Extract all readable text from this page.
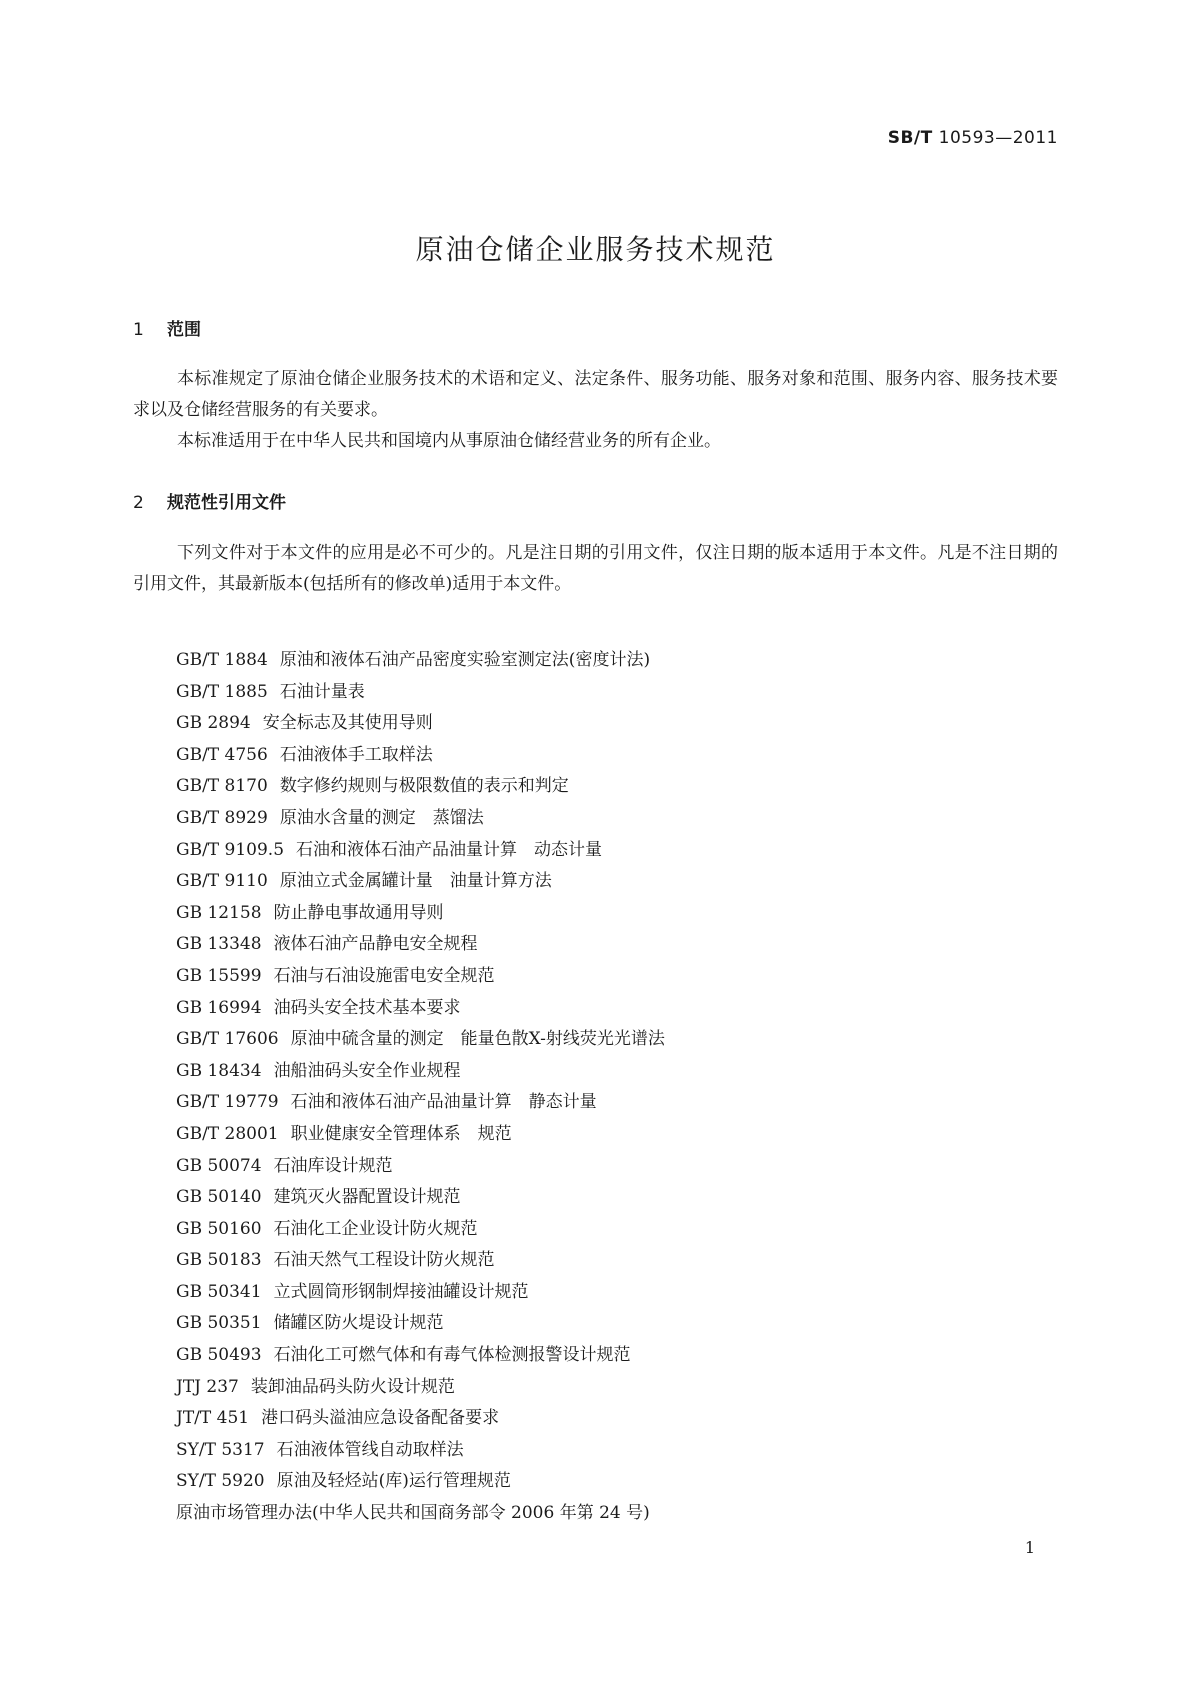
SB/T 10593—2011
原油仓储企业服务技术规范
1 范围

本标准规定了原油仓储企业服务技术的术语和定义、法定条件、服务功能、服务对象和范围、服务内容、服务技术要求以及仓储经营服务的有关要求。

本标准适用于在中华人民共和国境内从事原油仓储经营业务的所有企业。

2 规范性引用文件

下列文件对于本文件的应用是必不可少的。凡是注日期的引用文件，仅注日期的版本适用于本文件。凡是不注日期的引用文件，其最新版本(包括所有的修改单)适用于本文件。

GB/T 1884 原油和液体石油产品密度实验室测定法(密度计法)
GB/T 1885 石油计量表
GB 2894 安全标志及其使用导则
GB/T 4756 石油液体手工取样法
GB/T 8170 数字修约规则与极限数值的表示和判定
GB/T 8929 原油水含量的测定　蒸馏法
GB/T 9109.5 石油和液体石油产品油量计算　动态计量
GB/T 9110 原油立式金属罐计量　油量计算方法
GB 12158 防止静电事故通用导则
GB 13348 液体石油产品静电安全规程
GB 15599 石油与石油设施雷电安全规范
GB 16994 油码头安全技术基本要求
GB/T 17606 原油中硫含量的测定　能量色散X-射线荧光光谱法
GB 18434 油船油码头安全作业规程
GB/T 19779 石油和液体石油产品油量计算　静态计量
GB/T 28001 职业健康安全管理体系　规范
GB 50074 石油库设计规范
GB 50140 建筑灭火器配置设计规范
GB 50160 石油化工企业设计防火规范
GB 50183 石油天然气工程设计防火规范
GB 50341 立式圆筒形钢制焊接油罐设计规范
GB 50351 储罐区防火堤设计规范
GB 50493 石油化工可燃气体和有毒气体检测报警设计规范
JTJ 237 装卸油品码头防火设计规范
JT/T 451 港口码头溢油应急设备配备要求
SY/T 5317 石油液体管线自动取样法
SY/T 5920 原油及轻烃站(库)运行管理规范
原油市场管理办法(中华人民共和国商务部令 2006 年第 24 号)
1
